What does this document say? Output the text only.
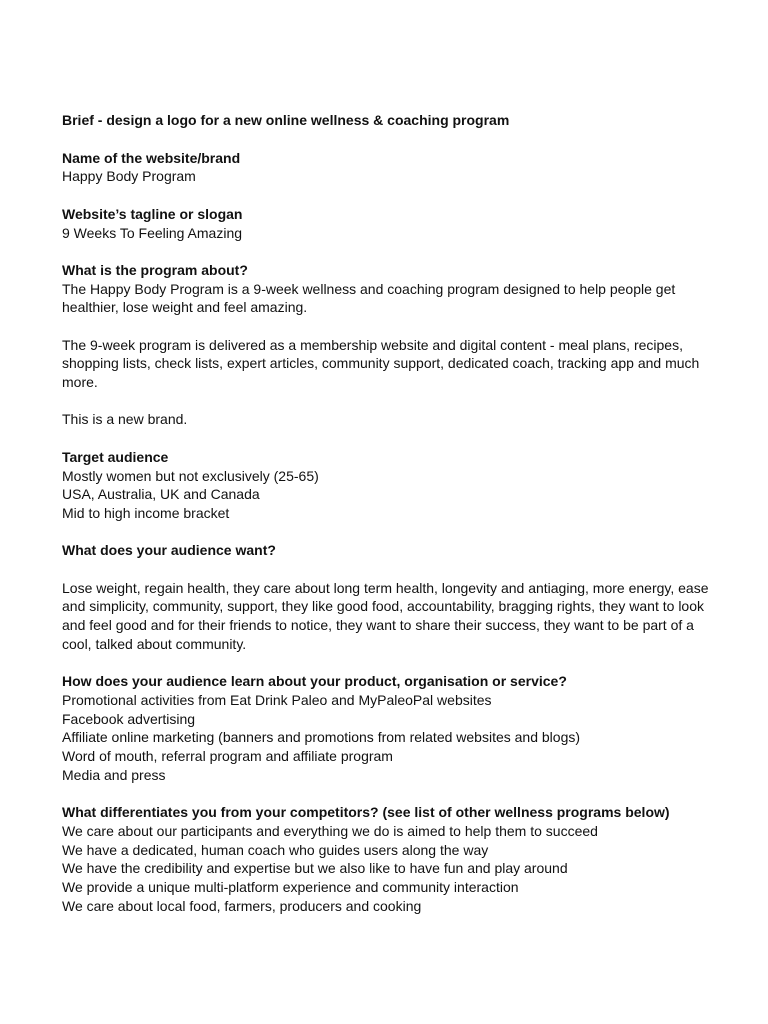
Brief - design a logo for a new online wellness & coaching program

Name of the website/brand

Happy Body Program

Website’s tagline or slogan

9 Weeks To Feeling Amazing

What is the program about?

The Happy Body Program is a 9-week wellness and coaching program designed to help people get healthier, lose weight and feel amazing.

The 9-week program is delivered as a membership website and digital content - meal plans, recipes, shopping lists, check lists, expert articles, community support, dedicated coach, tracking app and much more.

This is a new brand.

Target audience

Mostly women but not exclusively (25-65)

USA, Australia, UK and Canada

Mid to high income bracket

What does your audience want?

Lose weight, regain health, they care about long term health, longevity and antiaging, more energy, ease and simplicity, community, support, they like good food, accountability, bragging rights, they want to look and feel good and for their friends to notice, they want to share their success, they want to be part of a cool, talked about community.

How does your audience learn about your product, organisation or service?

Promotional activities from Eat Drink Paleo and MyPaleoPal websites

Facebook advertising

Affiliate online marketing (banners and promotions from related websites and blogs)

Word of mouth, referral program and affiliate program

Media and press

What differentiates you from your competitors? (see list of other wellness programs below)

We care about our participants and everything we do is aimed to help them to succeed

We have a dedicated, human coach who guides users along the way

We have the credibility and expertise but we also like to have fun and play around

We provide a unique multi-platform experience and community interaction

We care about local food, farmers, producers and cooking
